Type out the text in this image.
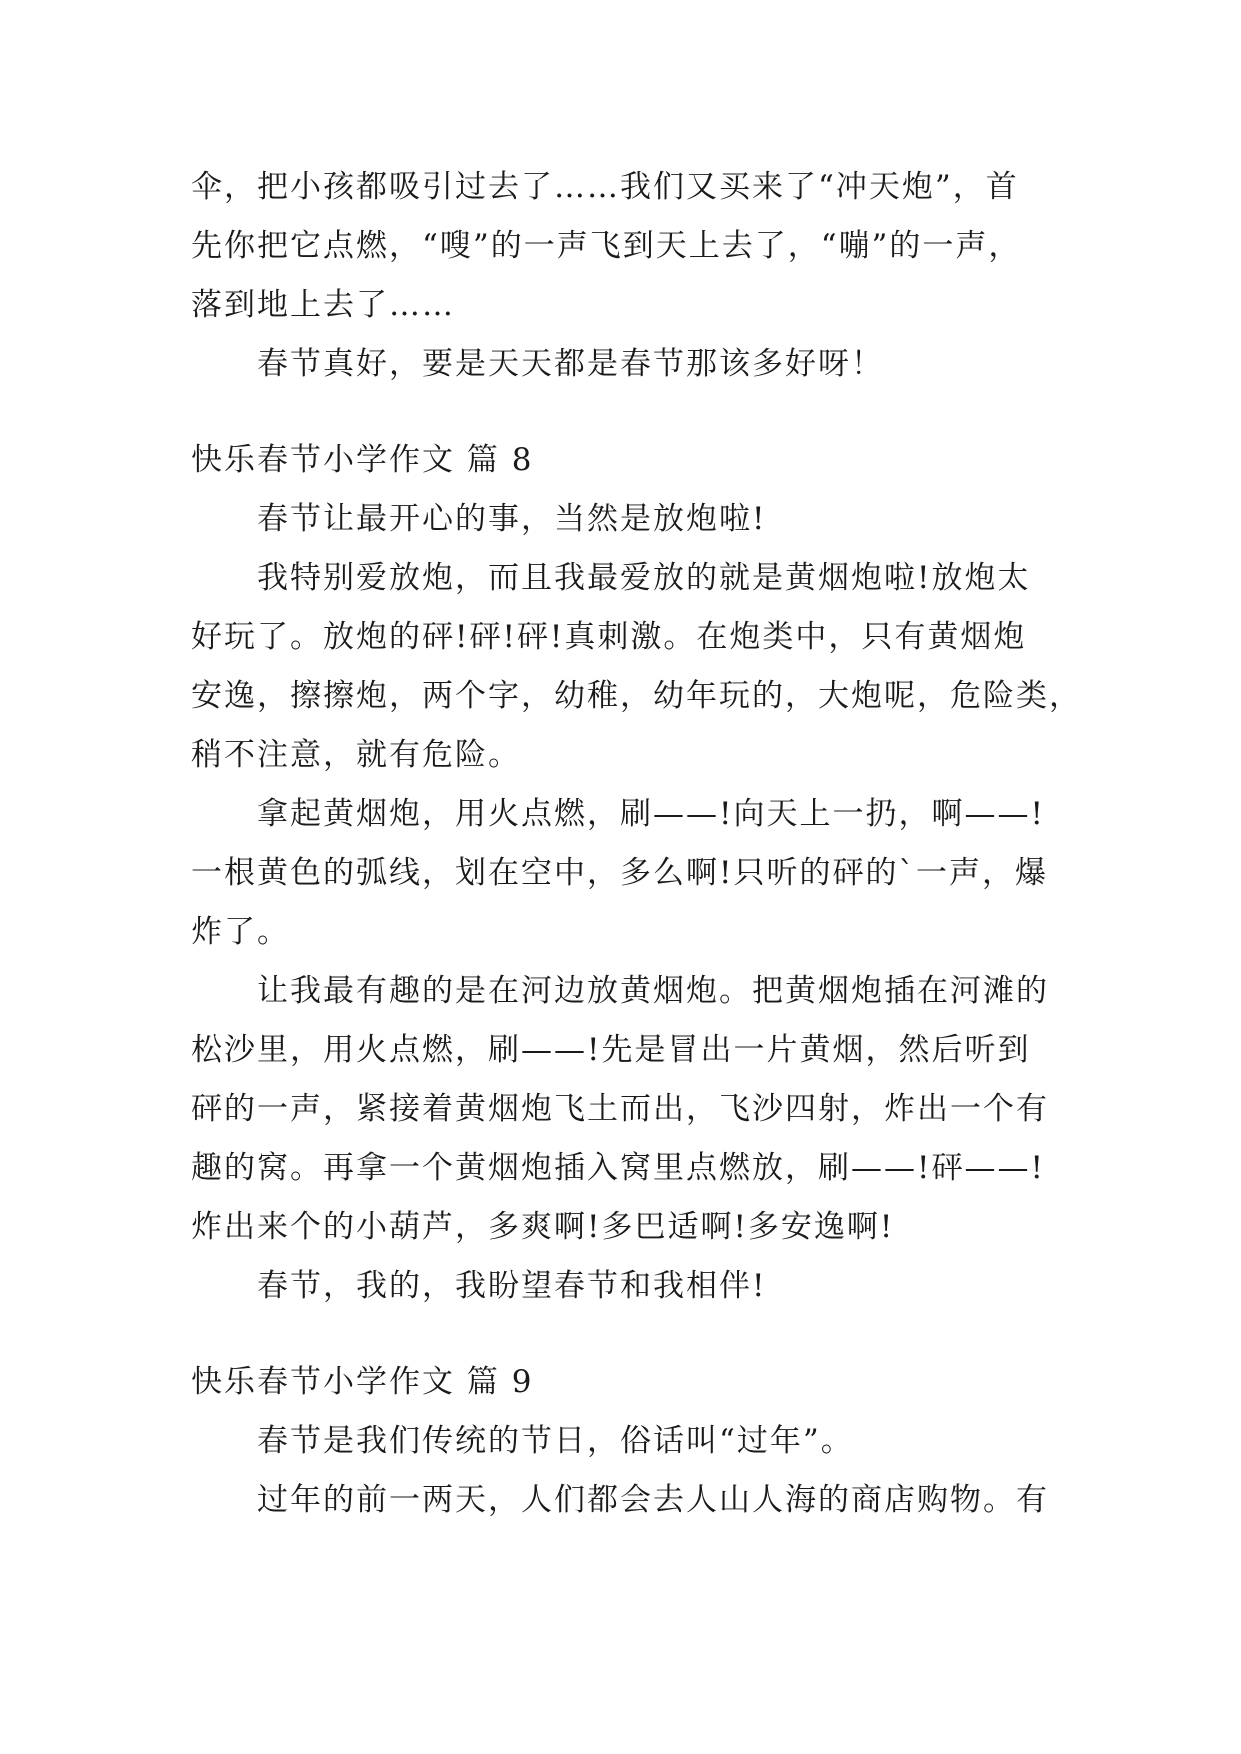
伞，把小孩都吸引过去了……我们又买来了“冲天炮”，首
先你把它点燃，“嗖”的一声飞到天上去了，“嘣”的一声，
落到地上去了……

春节真好，要是天天都是春节那该多好呀！

快乐春节小学作文 篇 8

春节让最开心的事，当然是放炮啦!

我特别爱放炮，而且我最爱放的就是黄烟炮啦!放炮太
好玩了。放炮的砰!砰!砰!真刺激。在炮类中，只有黄烟炮
安逸，擦擦炮，两个字，幼稚，幼年玩的，大炮呢，危险类，
稍不注意，就有危险。

拿起黄烟炮，用火点燃，刷——!向天上一扔，啊——!
一根黄色的弧线，划在空中，多么啊!只听的砰的`一声，爆
炸了。

让我最有趣的是在河边放黄烟炮。把黄烟炮插在河滩的
松沙里，用火点燃，刷——!先是冒出一片黄烟，然后听到
砰的一声，紧接着黄烟炮飞土而出，飞沙四射，炸出一个有
趣的窝。再拿一个黄烟炮插入窝里点燃放，刷——!砰——!
炸出来个的小葫芦，多爽啊!多巴适啊!多安逸啊!

春节，我的，我盼望春节和我相伴!

快乐春节小学作文 篇 9

春节是我们传统的节日，俗话叫“过年”。

过年的前一两天，人们都会去人山人海的商店购物。有
